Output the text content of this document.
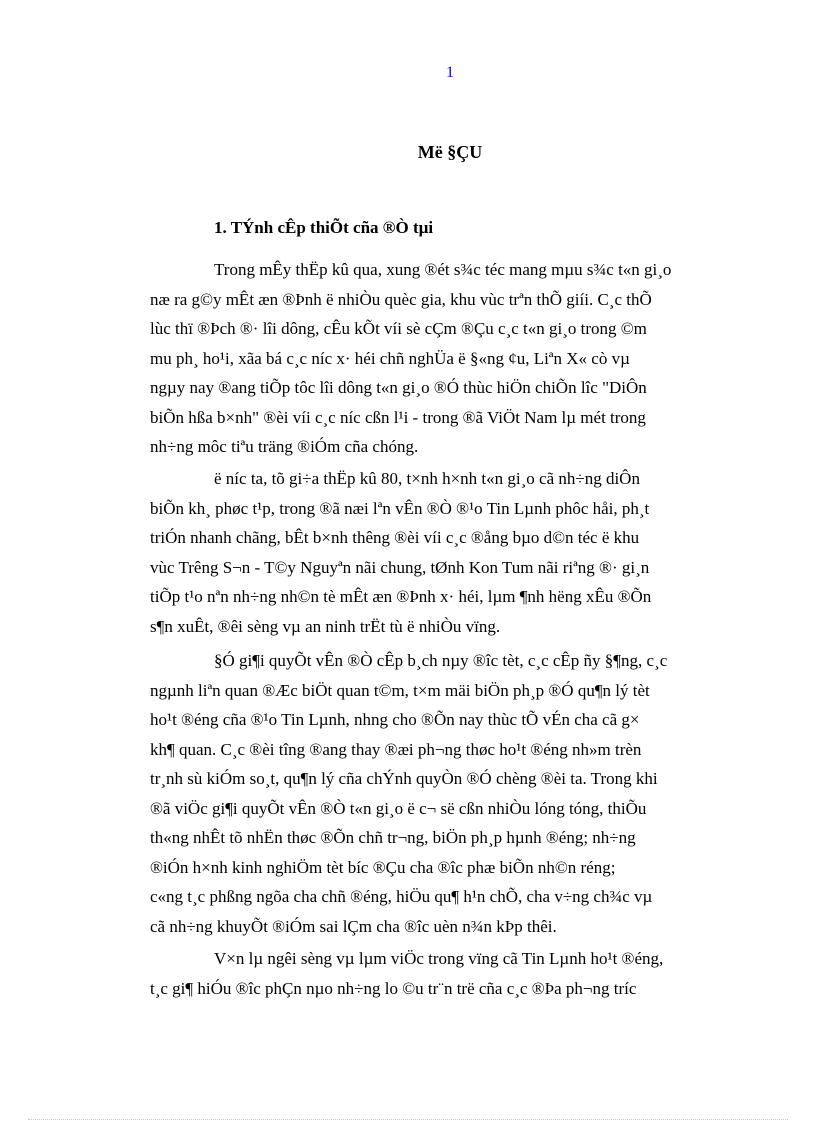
1
Më §ÇU
1. TÝnh cÊp thiÕt cña ®Ò tµi
Trong mÊy thËp kû qua, xung ®ét s¾c téc mang mµu s¾c t«n gi¸o
næ ra g©y mÊt æn ®Þnh ë nhiÒu quèc gia, khu vùc trªn thÕ giíi. C¸c thÕ
lùc thï ®Þch ®· lîi dông, cÊu kÕt víi sè cÇm ®Çu c¸c t«n gi¸o trong ©m
mu ph¸ ho¹i, xãa bá c¸c níc x· héi chñ nghÜa ë §«ng ¢u, Liªn X« cò vµ
ngµy nay ®ang tiÕp tôc lîi dông t«n gi¸o ®Ó thùc hiÖn chiÕn lîc "DiÔn
biÕn hßa b×nh" ®èi víi c¸c níc cßn l¹i - trong ®ã ViÖt Nam lµ mét trong
nh÷ng môc tiªu träng ®iÓm cña chóng.
ë níc ta, tõ gi÷a thËp kû 80, t×nh h×nh t«n gi¸o cã nh÷ng diÔn
biÕn kh¸ phøc t¹p, trong ®ã næi lªn vÊn ®Ò ®¹o Tin Lµnh phôc håi, ph¸t
triÓn nhanh chãng, bÊt b×nh thêng ®èi víi c¸c ®ång bµo d©n téc ë khu
vùc Trêng S¬n - T©y Nguyªn nãi chung, tØnh Kon Tum nãi riªng ®· gi¸n
tiÕp t¹o nªn nh÷ng nh©n tè mÊt æn ®Þnh x· héi, lµm ¶nh hëng xÊu ®Õn
s¶n xuÊt, ®êi sèng vµ an ninh trËt tù ë nhiÒu vïng.
§Ó gi¶i quyÕt vÊn ®Ò cÊp b¸ch nµy ®îc tèt, c¸c cÊp ñy §¶ng, c¸c
ngµnh liªn quan ®Æc biÖt quan t©m, t×m mäi biÖn ph¸p ®Ó qu¶n lý tèt
ho¹t ®éng cña ®¹o Tin Lµnh, nhng cho ®Õn nay thùc tÕ vÉn cha cã g×
kh¶ quan. C¸c ®èi tîng ®ang thay ®æi ph¬ng thøc ho¹t ®éng nh»m trèn
tr¸nh sù kiÓm so¸t, qu¶n lý cña chÝnh quyÒn ®Ó chèng ®èi ta. Trong khi
®ã viÖc gi¶i quyÕt vÊn ®Ò t«n gi¸o ë c¬ së cßn nhiÒu lóng tóng, thiÕu
th«ng nhÊt tõ nhËn thøc ®Õn chñ tr¬ng, biÖn ph¸p hµnh ®éng; nh÷ng
®iÓn h×nh kinh nghiÖm tèt bíc ®Çu cha ®îc phæ biÕn nh©n réng;
c«ng t¸c phßng ngõa cha chñ ®éng, hiÖu qu¶ h¹n chÕ, cha v÷ng ch¾c vµ
cã nh÷ng khuyÕt ®iÓm sai lÇm cha ®îc uèn n¾n kÞp thêi.
V×n lµ ngêi sèng vµ lµm viÖc trong vïng cã Tin Lµnh ho¹t ®éng,
t¸c gi¶ hiÓu ®îc phÇn nµo nh÷ng lo ©u tr¨n trë cña c¸c ®Þa ph¬ng tríc
